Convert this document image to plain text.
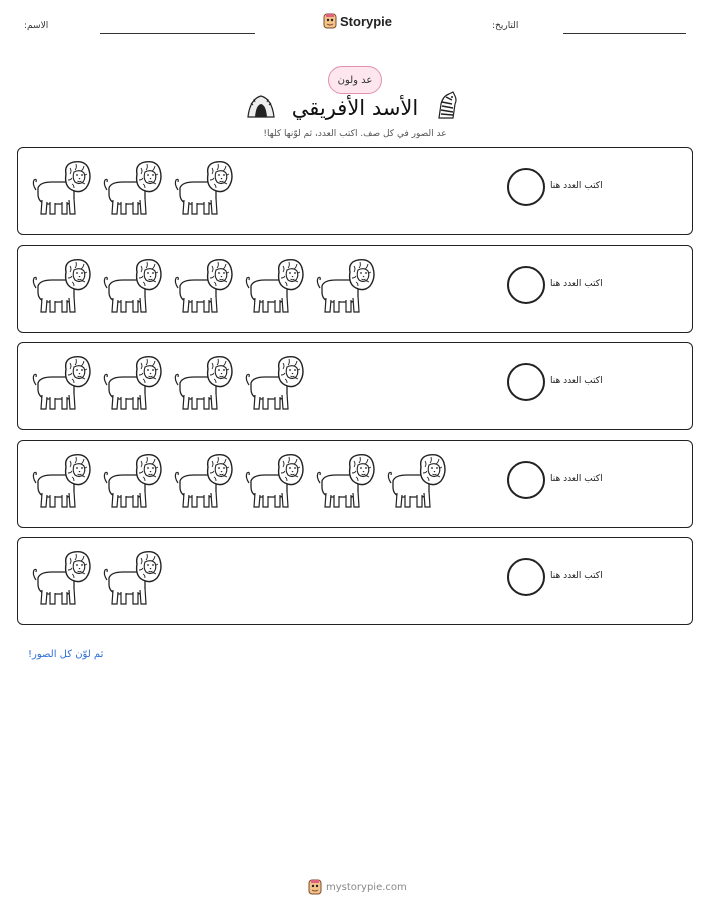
الاسم:	Storypie	التاريخ:
عد ولون
الأسد الأفريقي
عد الصور في كل صف. اكتب العدد، ثم لوّنها كلها!
اكتب العدد هنا
اكتب العدد هنا
اكتب العدد هنا
اكتب العدد هنا
اكتب العدد هنا
ثم لوّن كل الصور!
mystorypie.com
